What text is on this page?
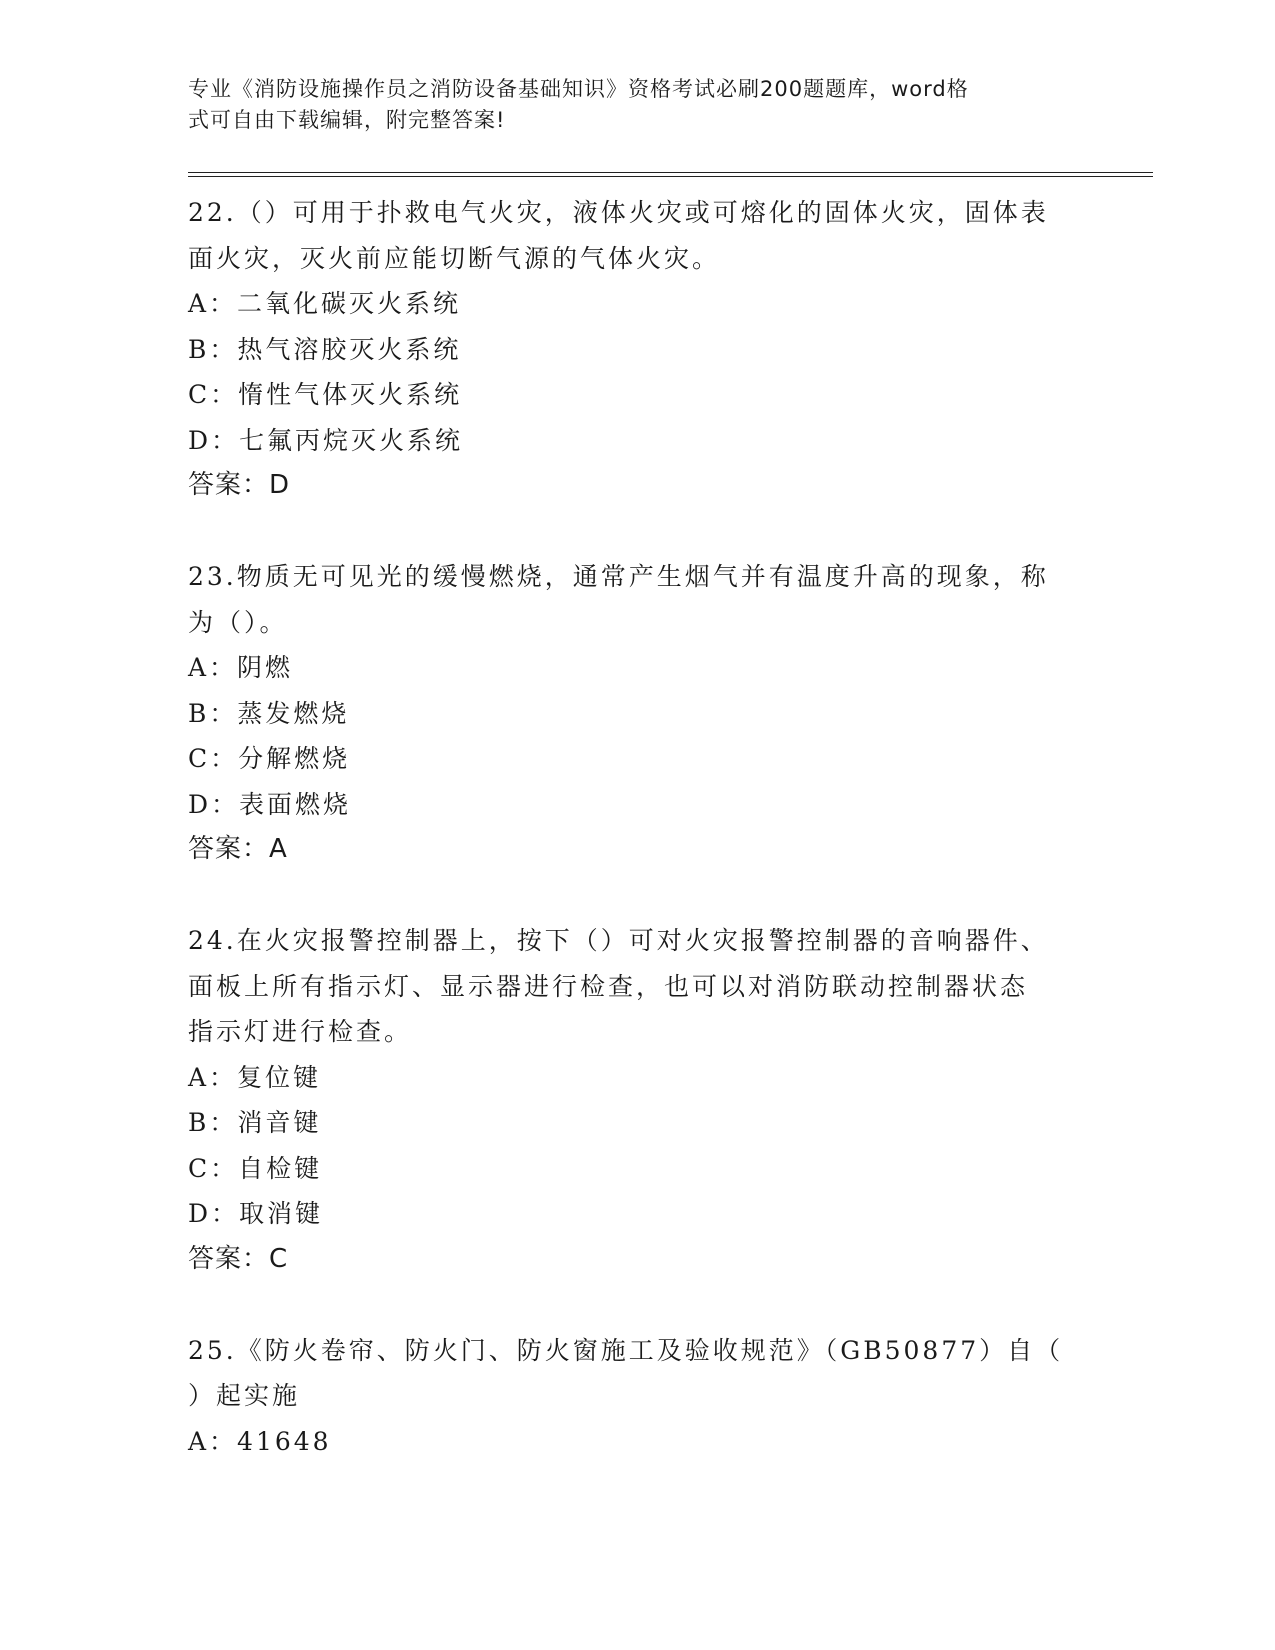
专业《消防设施操作员之消防设备基础知识》资格考试必刷200题题库，word格
式可自由下载编辑，附完整答案!
22.（）可用于扑救电气火灾，液体火灾或可熔化的固体火灾，固体表
面火灾，灭火前应能切断气源的气体火灾。
A：二氧化碳灭火系统
B：热气溶胶灭火系统
C：惰性气体灭火系统
D：七氟丙烷灭火系统
答案：D
23.物质无可见光的缓慢燃烧，通常产生烟气并有温度升高的现象，称
为（）。
A：阴燃
B：蒸发燃烧
C：分解燃烧
D：表面燃烧
答案：A
24.在火灾报警控制器上，按下（）可对火灾报警控制器的音响器件、
面板上所有指示灯、显示器进行检查，也可以对消防联动控制器状态
指示灯进行检查。
A：复位键
B：消音键
C：自检键
D：取消键
答案：C
25.《防火卷帘、防火门、防火窗施工及验收规范》（GB50877）自（
）起实施
A：41648
